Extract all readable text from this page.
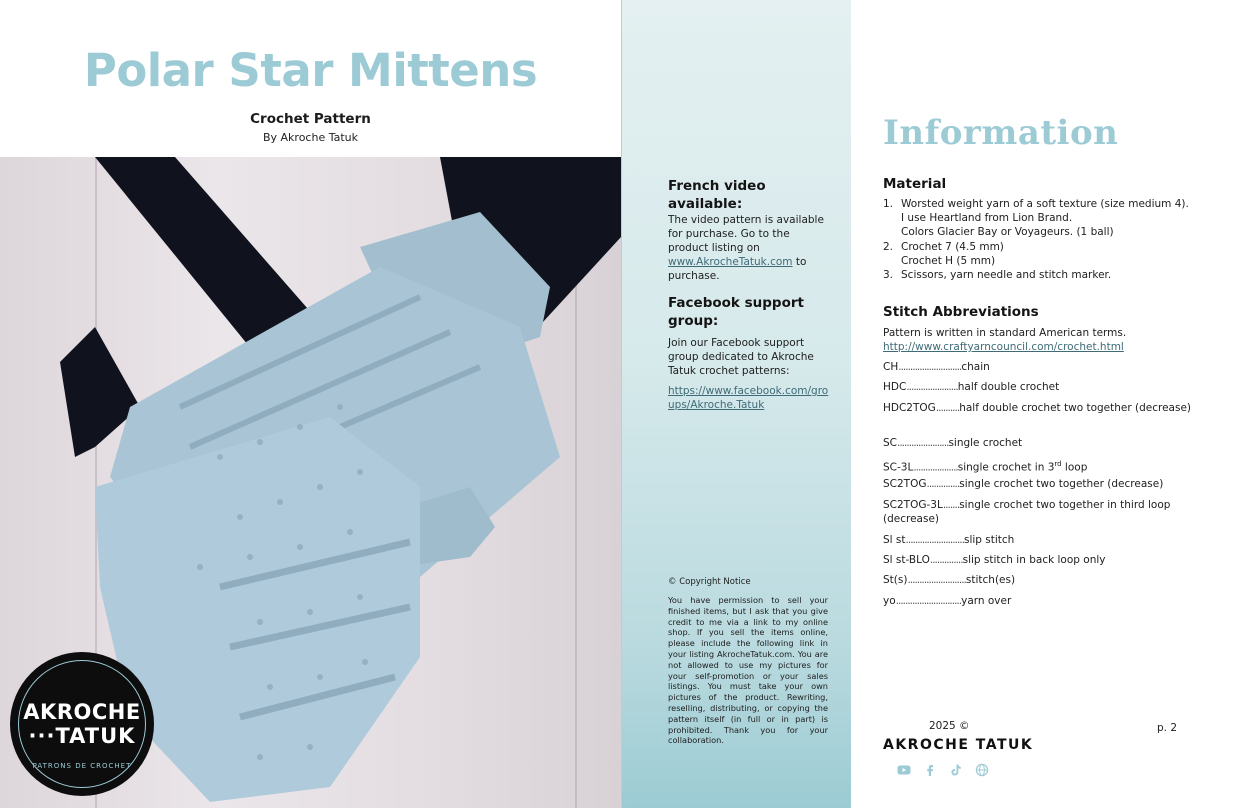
Polar Star Mittens
Crochet Pattern
By Akroche Tatuk
AKROCHE
···TATUK
PATRONS DE CROCHET
French video available:

The video pattern is available for purchase. Go to the product listing on www.AkrocheTatuk.com to purchase.

Facebook support group:

Join our Facebook support group dedicated to Akroche Tatuk crochet patterns:

https://www.facebook.com/groups/Akroche.Tatuk
© Copyright Notice
You have permission to sell your finished items, but I ask that you give credit to me via a link to my online shop. If you sell the items online, please include the following link in your listing AkrocheTatuk.com. You are not allowed to use my pictures for your self-promotion or your sales listings. You must take your own pictures of the product. Rewriting, reselling, distributing, or copying the pattern itself (in full or in part) is prohibited. Thank you for your collaboration.
Information
Material
1. Worsted weight yarn of a soft texture (size medium 4).
I use Heartland from Lion Brand.
Colors Glacier Bay or Voyageurs. (1 ball)
2. Crochet 7 (4.5 mm)
Crochet H (5 mm)
3. Scissors, yarn needle and stitch marker.
Stitch Abbreviations
Pattern is written in standard American terms.
http://www.craftyarncouncil.com/crochet.html
CH...........................chain
HDC......................half double crochet
HDC2TOG..........half double crochet two together (decrease)
SC......................single crochet
SC-3L...................single crochet in 3rd loop
SC2TOG..............single crochet two together (decrease)
SC2TOG-3L.......single crochet two together in third loop (decrease)
Sl st.........................slip stitch
Sl st-BLO..............slip stitch in back loop only
St(s).........................stitch(es)
yo............................yarn over
2025 ©	p. 2
AKROCHE TATUK
